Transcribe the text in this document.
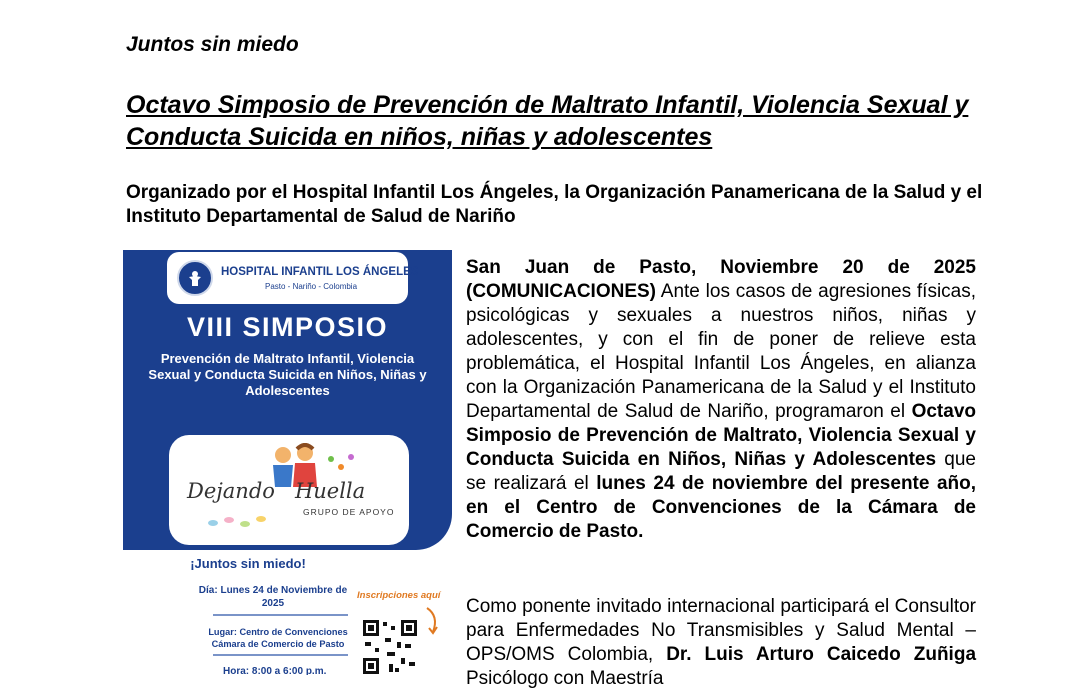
Juntos sin miedo
Octavo Simposio de Prevención de Maltrato Infantil, Violencia Sexual y Conducta Suicida en niños, niñas y adolescentes
Organizado por el Hospital Infantil Los Ángeles, la Organización Panamericana de la Salud y el Instituto Departamental de Salud de Nariño
HOSPITAL INFANTIL LOS ÁNGELES
Pasto - Nariño - Colombia
VIII SIMPOSIO
Prevención de Maltrato Infantil, Violencia Sexual y Conducta Suicida en Niños, Niñas y Adolescentes
Dejando Huella
GRUPO DE APOYO
¡Juntos sin miedo!
Día: Lunes 24 de Noviembre de 2025
Lugar: Centro de Convenciones Cámara de Comercio de Pasto
Hora: 8:00 a 6:00 p.m.
Inscripciones aquí
San Juan de Pasto, Noviembre 20 de 2025 (COMUNICACIONES) Ante los casos de agresiones físicas, psicológicas y sexuales a nuestros niños, niñas y adolescentes, y con el fin de poner de relieve esta problemática, el Hospital Infantil Los Ángeles, en alianza con la Organización Panamericana de la Salud y el Instituto Departamental de Salud de Nariño, programaron el Octavo Simposio de Prevención de Maltrato, Violencia Sexual y Conducta Suicida en Niños, Niñas y Adolescentes que se realizará el lunes 24 de noviembre del presente año, en el Centro de Convenciones de la Cámara de Comercio de Pasto.
Como ponente invitado internacional participará el Consultor para Enfermedades No Transmisibles y Salud Mental – OPS/OMS Colombia, Dr. Luis Arturo Caicedo Zuñiga Psicólogo con Maestría
